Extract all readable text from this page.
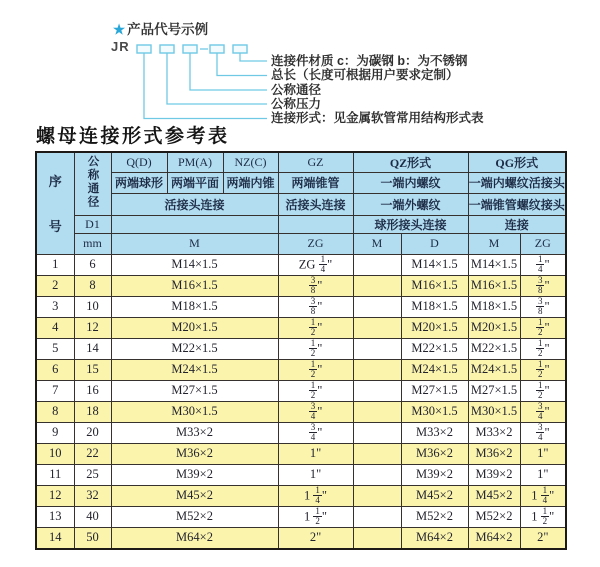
★ 产品代号示例
JR
连接件材质 c：为碳钢 b：为不锈钢
总长（长度可根据用户要求定制）
公称通径
公称压力
连接形式：见金属软管常用结构形式表
螺母连接形式参考表
序
号	公称通径	Q(D)	PM(A)	NZ(C)	GZ	QZ形式		QG形式	
		两端球形	两端平面	两端内锥	两端锥管	一端内螺纹		一端内螺纹活接头	
		活接头连接			活接头连接	一端外螺纹		一端锥管螺纹接头	
	D1					球形接头连接		连接	
	mm	M			ZG	M	D	M	ZG
1	6	M14×1.5			ZG $\frac{1}{4}$ "		M14×1.5	M14×1.5	$\frac{1}{4}$ "
2	8	M16×1.5			$\frac{3}{8}$ "		M16×1.5	M16×1.5	$\frac{3}{8}$ "
3	10	M18×1.5			$\frac{3}{8}$ "		M18×1.5	M18×1.5	$\frac{3}{8}$ "
4	12	M20×1.5			$\frac{1}{2}$ "		M20×1.5	M20×1.5	$\frac{1}{2}$ "
5	14	M22×1.5			$\frac{1}{2}$ "		M22×1.5	M22×1.5	$\frac{1}{2}$ "
6	15	M24×1.5			$\frac{1}{2}$ "		M24×1.5	M24×1.5	$\frac{1}{2}$ "
7	16	M27×1.5			$\frac{1}{2}$ "		M27×1.5	M27×1.5	$\frac{1}{2}$ "
8	18	M30×1.5			$\frac{3}{4}$ "		M30×1.5	M30×1.5	$\frac{3}{4}$ "
9	20	M33×2			$\frac{3}{4}$ "		M33×2	M33×2	$\frac{3}{4}$ "
10	22	M36×2			1"		M36×2	M36×2	1"
11	25	M39×2			1"		M39×2	M39×2	1"
12	32	M45×2			$1 \frac{1}{4}$ "		M45×2	M45×2	$1 \frac{1}{4}$ "
13	40	M52×2			$1 \frac{1}{2}$ "		M52×2	M52×2	$1 \frac{1}{2}$ "
14	50	M64×2			2"		M64×2	M64×2	2"
